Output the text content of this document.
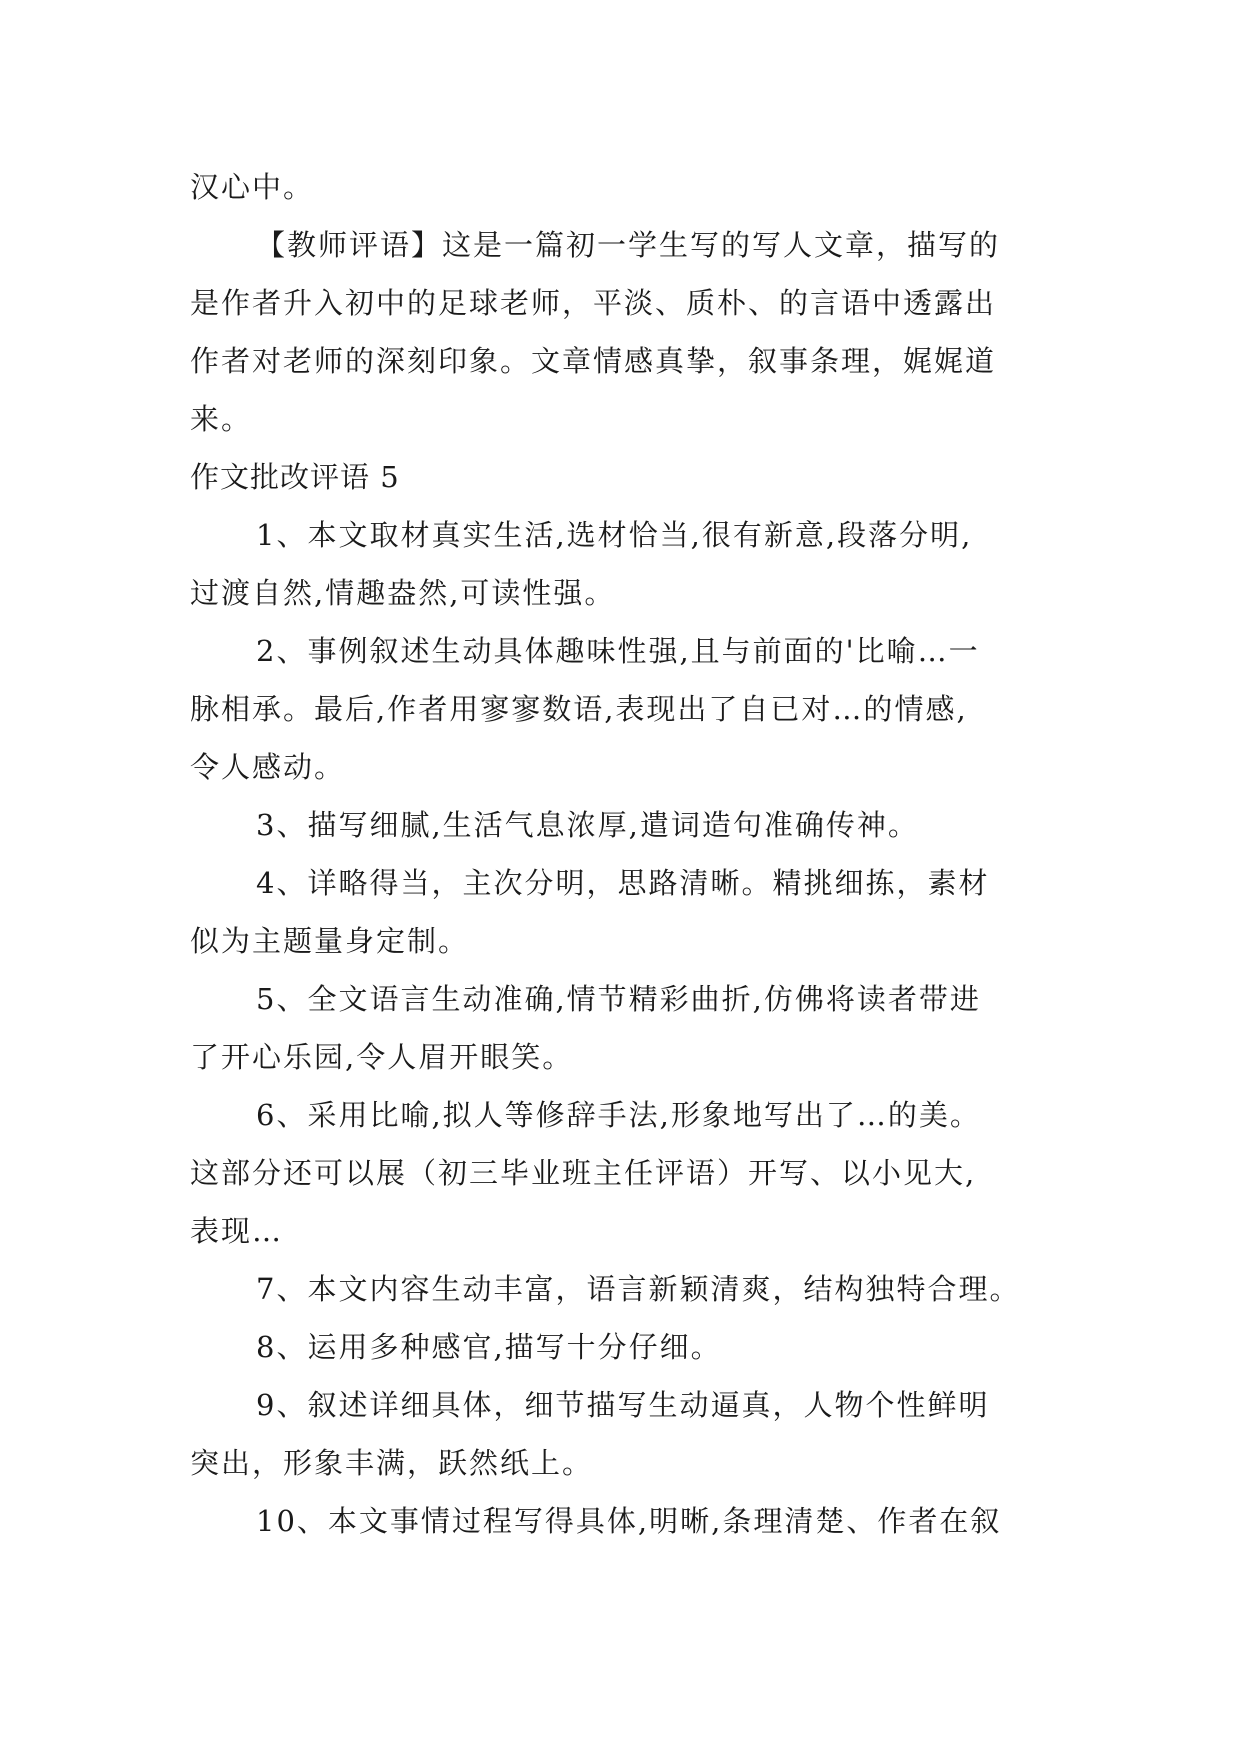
汉心中。
【教师评语】这是一篇初一学生写的写人文章，描写的
是作者升入初中的足球老师，平淡、质朴、的言语中透露出
作者对老师的深刻印象。文章情感真挚，叙事条理，娓娓道
来。
作文批改评语 5
1、本文取材真实生活,选材恰当,很有新意,段落分明,
过渡自然,情趣盎然,可读性强。
2、事例叙述生动具体趣味性强,且与前面的'比喻…一
脉相承。最后,作者用寥寥数语,表现出了自已对…的情感,
令人感动。
3、描写细腻,生活气息浓厚,遣词造句准确传神。
4、详略得当，主次分明，思路清晰。精挑细拣，素材
似为主题量身定制。
5、全文语言生动准确,情节精彩曲折,仿佛将读者带进
了开心乐园,令人眉开眼笑。
6、采用比喻,拟人等修辞手法,形象地写出了…的美。
这部分还可以展（初三毕业班主任评语）开写、以小见大,
表现…
7、本文内容生动丰富，语言新颖清爽，结构独特合理。
8、运用多种感官,描写十分仔细。
9、叙述详细具体，细节描写生动逼真，人物个性鲜明
突出，形象丰满，跃然纸上。
10、本文事情过程写得具体,明晰,条理清楚、作者在叙
